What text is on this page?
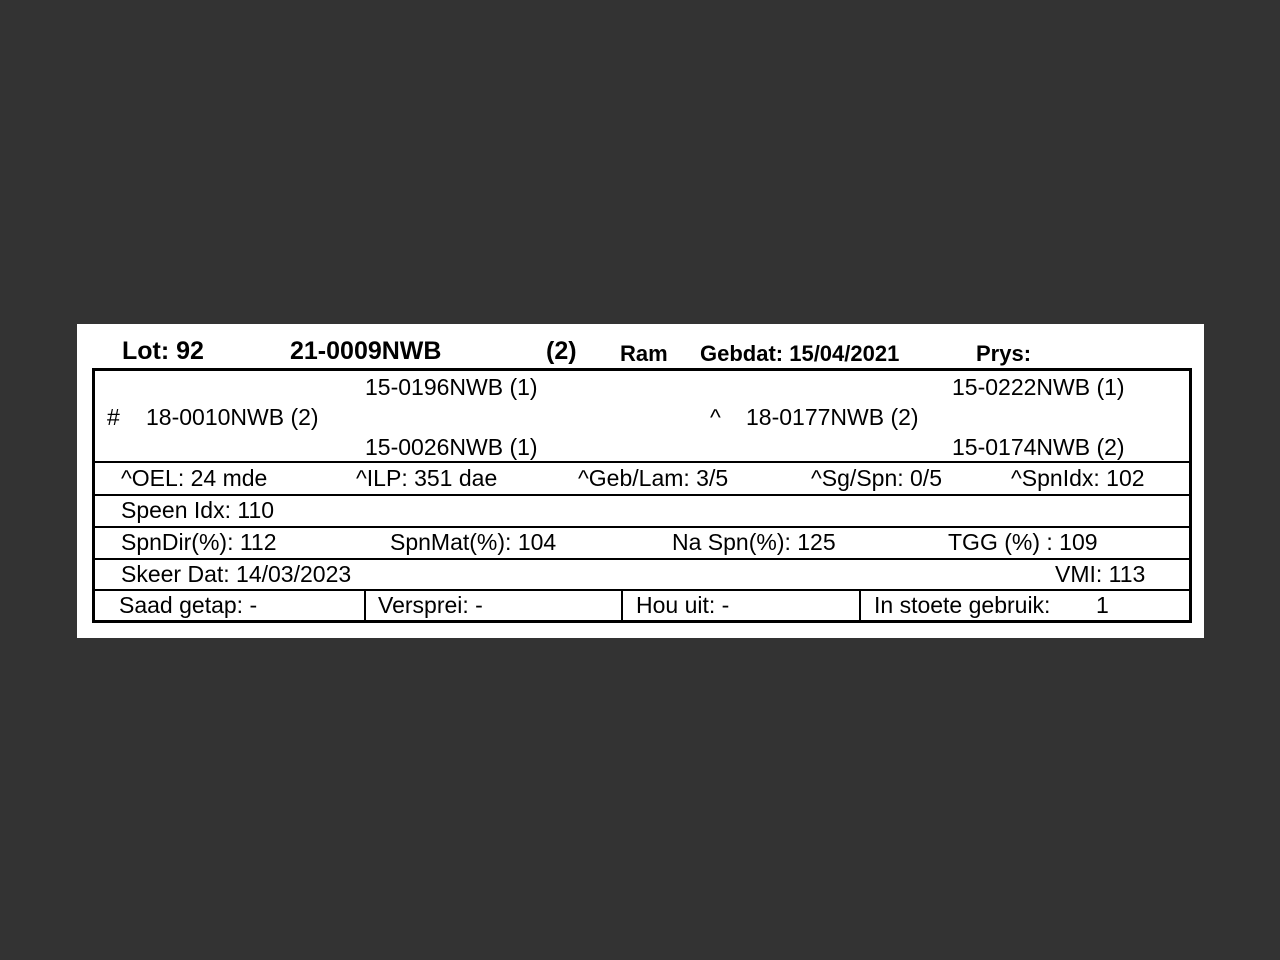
Lot: 92	21-0009NWB	(2) Ram Gebdat: 15/04/2021	Prys:
15-0196NWB (1)	15-0222NWB (1)
# 18-0010NWB (2)	^ 18-0177NWB (2)
15-0026NWB (1)	15-0174NWB (2)
^OEL: 24 mde	^ILP: 351 dae	^Geb/Lam: 3/5	^Sg/Spn: 0/5	^SpnIdx: 102
Speen Idx: 110
SpnDir(%): 112	SpnMat(%): 104	Na Spn(%): 125	TGG (%) : 109
Skeer Dat: 14/03/2023	VMI: 113
Saad getap: -	Versprei: -	Hou uit: -	In stoete gebruik: 1
